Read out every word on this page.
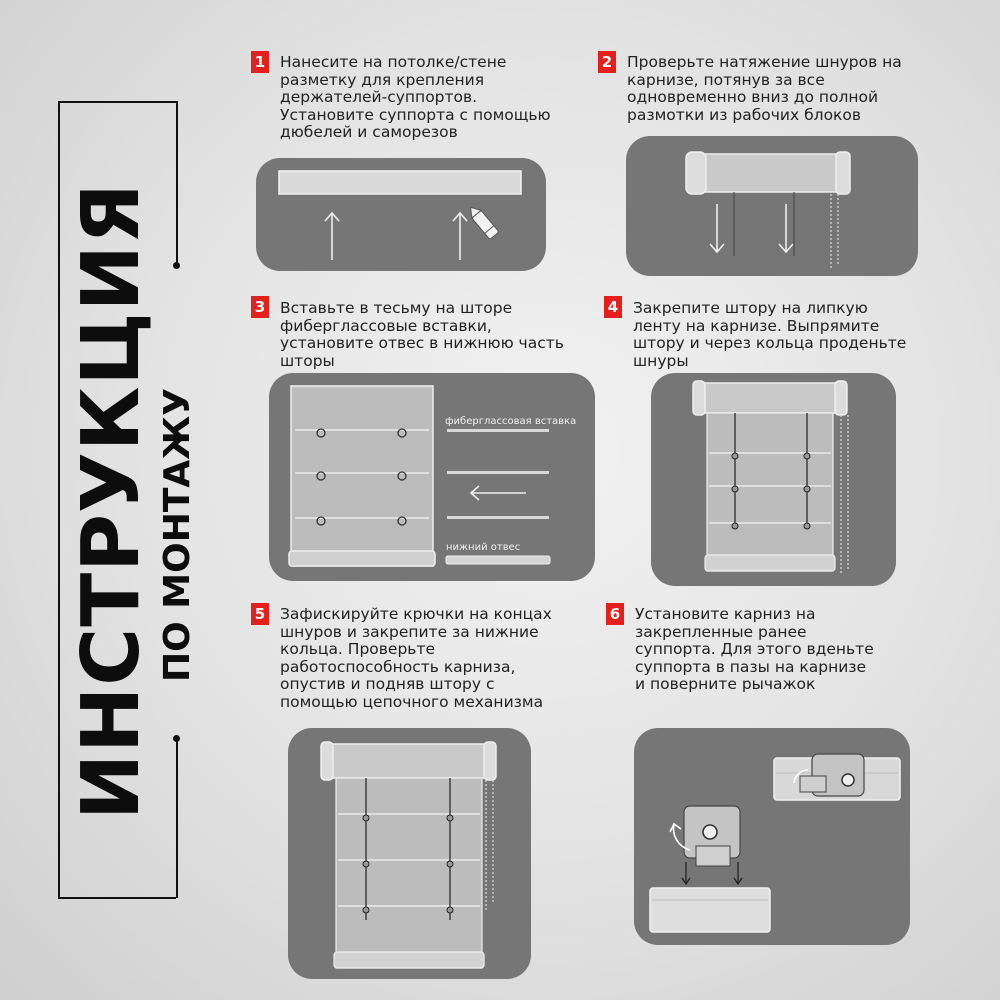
ИНСТРУКЦИЯ ПО МОНТАЖУ
1 Нанесите на потолке/стене
разметку для крепления
держателей-суппортов.
Установите суппорта с помощью
дюбелей и саморезов
2 Проверьте натяжение шнуров на
карнизе, потянув за все
одновременно вниз до полной
размотки из рабочих блоков
3 Вставьте в тесьму на шторе
фибергласcовые вставки,
установите отвес в нижнюю часть
шторы
фибергласcовая вставка
нижний отвес
4 Закрепите штору на липкую
ленту на карнизе. Выпрямите
штору и через кольца проденьте
шнуры
5 Зафискируйте крючки на концах
шнуров и закрепите за нижние
кольца. Проверьте
работоспособность карниза,
опустив и подняв штору с
помощью цепочного механизма
6 Установите карниз на
закрепленные ранее
суппорта. Для этого вденьте
суппорта в пазы на карнизе
и поверните рычажок
